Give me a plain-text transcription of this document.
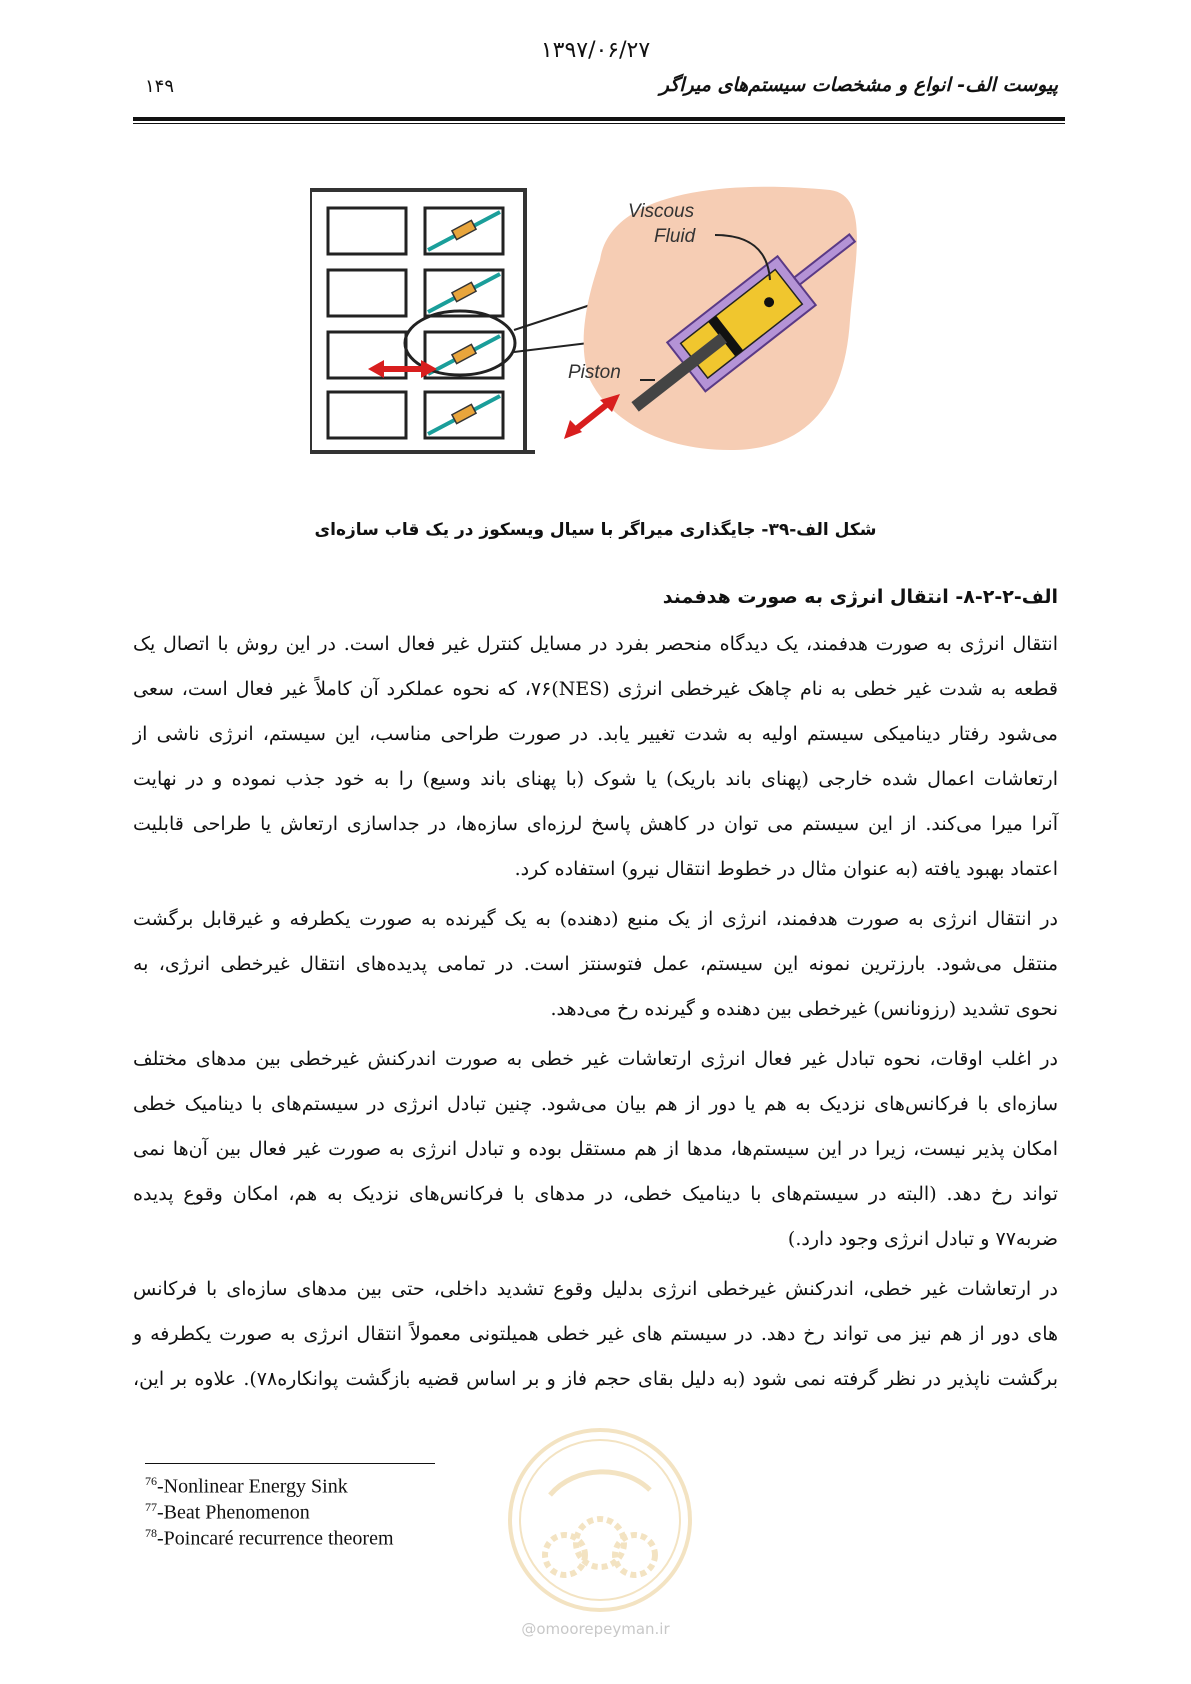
۱۳۹۷/۰۶/۲۷
۱۴۹	پیوست الف- انواع و مشخصات سیستم‌های میراگر
Viscous
Fluid
Piston
شکل الف-۳۹- جایگذاری میراگر با سیال ویسکوز در یک قاب سازه‌ای
الف-۲-۲-۸- انتقال انرژی به صورت هدفمند
انتقال انرژی به صورت هدفمند، یک دیدگاه منحصر بفرد در مسایل کنترل غیر فعال است. در این روش با اتصال یک
قطعه به شدت غیر خطی به نام چاهک غیرخطی انرژی (NES)۷۶، که نحوه عملکرد آن کاملاً غیر فعال است، سعی
می‌شود رفتار دینامیکی سیستم اولیه به شدت تغییر یابد. در صورت طراحی مناسب، این سیستم، انرژی ناشی از
ارتعاشات اعمال شده خارجی (پهنای باند باریک) یا شوک (با پهنای باند وسیع) را به خود جذب نموده و در نهایت
آنرا میرا می‌کند. از این سیستم می توان در کاهش پاسخ لرزه‌ای سازه‌ها، در جداسازی ارتعاش یا طراحی قابلیت
اعتماد بهبود یافته (به عنوان مثال در خطوط انتقال نیرو) استفاده کرد.
در انتقال انرژی به صورت هدفمند، انرژی از یک منبع (دهنده) به یک گیرنده به صورت یکطرفه و غیرقابل برگشت
منتقل می‌شود. بارزترین نمونه این سیستم، عمل فتوسنتز است. در تمامی پدیده‌های انتقال غیرخطی انرژی، به
نحوی تشدید (رزونانس) غیرخطی بین دهنده و گیرنده رخ می‌دهد.
در اغلب اوقات، نحوه تبادل غیر فعال انرژی ارتعاشات غیر خطی به صورت اندرکنش غیرخطی بین مدهای مختلف
سازه‌ای با فرکانس‌های نزدیک به هم یا دور از هم بیان می‌شود. چنین تبادل انرژی در سیستم‌های با دینامیک خطی
امکان پذیر نیست، زیرا در این سیستم‌ها، مدها از هم مستقل بوده و تبادل انرژی به صورت غیر فعال بین آن‌ها نمی
تواند رخ دهد. (البته در سیستم‌های با دینامیک خطی، در مدهای با فرکانس‌های نزدیک به هم، امکان وقوع پدیده
ضربه۷۷ و تبادل انرژی وجود دارد.)
در ارتعاشات غیر خطی، اندرکنش غیرخطی انرژی بدلیل وقوع تشدید داخلی، حتی بین مدهای سازه‌ای با فرکانس
های دور از هم نیز می تواند رخ دهد. در سیستم های غیر خطی همیلتونی معمولاً انتقال انرژی به صورت یکطرفه و
برگشت ناپذیر در نظر گرفته نمی شود (به دلیل بقای حجم فاز و بر اساس قضیه بازگشت پوانکاره۷۸). علاوه بر این،
$^{76}$-Nonlinear Energy Sink
$^{77}$-Beat Phenomenon
$^{78}$-Poincaré recurrence theorem
@omoorepeyman.ir
